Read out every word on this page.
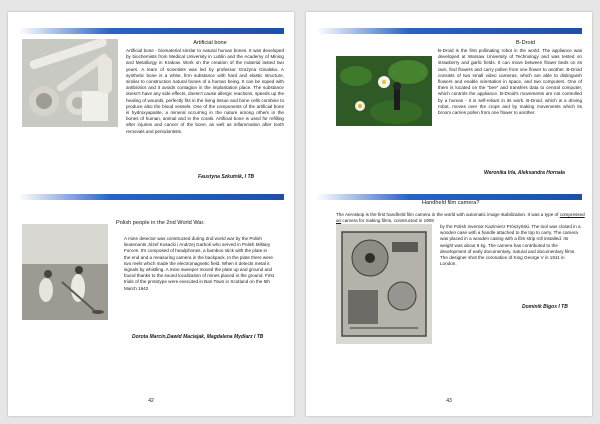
Artificial bone
Artificial bone - biomaterial similar to natural human bones. It was developed by biochemists from Medical University in Lublin and the Academy of Mining and Metallurgy in Krakow. Work on the creation of the material lasted two years. A team of scientists was led by professor Grażyna Ginalska. A synthetic bone is a white, firm substance with hard and elastic structure, similar to construction natural bones of a human being. It can be soped with antibiotics and it avoids contagion in the implantation place. The substance doesn't have any side effects, doesn't cause allergic reactions, speeds up the healing of wounds, perfectly fits in the living tissue and bone cells combine to produce also the blood vessels. One of the components of the artificial bone is hydroxyapatite, a mineral occurring in the nature among others in the bones of human, animal and in the corals. Artificial bone is used for refilling after injuries and cancer of the bone, as well as inflammation after tooth removals and periodontists.
Faustyna Szkutnik, I TB
Polish people in the 2nd World War.
A mine detector was constructed during 2nd world war by the Polish lieutenants Józef Kosacki i Andrzej Garboś who served in Polish Military Forces. It's composed of headphones, a bamboo stick with the plate in the end and a measuring camera in the backpack. In the plate there were two reels which made the electromagnetic field. When it detects metal it signals by whistling. A mine sweeper moved the plate up and ground and found thanks to the sound localization of mines placed in the ground. First trials of the prototype were executed in Bari Town in Scotland on the 5th March 1942
Dorota Marcin,Dawid Maciejak, Magdalena Mydlarz I TB
42
B-Droid
B-Droid is the first pollinating robot in the world. The appliance was developed at Warsaw University of Technology and was tested on strawberry and garlic fields. It can move between flower beds on its own, find flowers and carry pollen from one flower to another. B-Droid consists of two small video cameras, which are able to distinguish flowers and enable orientation in space, and two computers. One of them is located on the "bee" and transfers data to central computer, which controls the appliance. B-Droid's movements are not controlled by a human - it is self-reliant in its work. B-Droid, which is a driving robot, moves over the crops and by making movements which its broom carries pollen from one flower to another.
Weronika Irla, Aleksandra Hornała
Handheld film camera?
The Aeroskop is the first handheld film camera in the world with automatic image stabilization. It was a type of compressed air camera for making films, constructed in 1908
by the Polish inventor Kazimierz Prószyński. The tool was closed in a wooden case with a handle attached to the top to carry. The camera was placed in a wooden casing with a film strip roll installed. Its weight was about 6 kg. The camera has contributed to the development of early documentary, natural and documentary films. The designer shot the coronation of King George V in 1911 in London.
Dominik Bigos I TB
43
